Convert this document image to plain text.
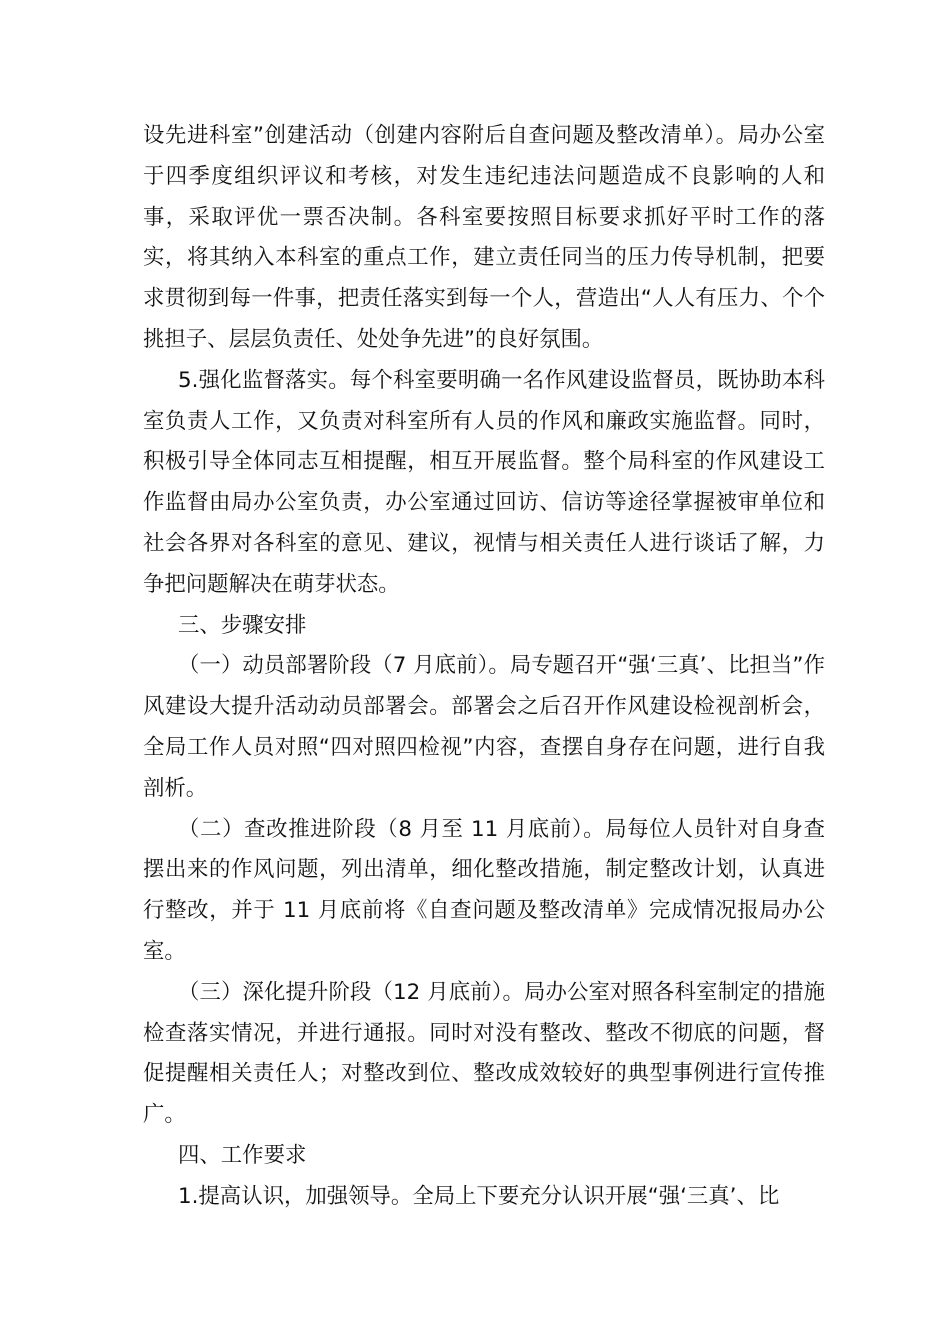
设先进科室”创建活动（创建内容附后自查问题及整改清单）。局办公室于四季度组织评议和考核，对发生违纪违法问题造成不良影响的人和事，采取评优一票否决制。各科室要按照目标要求抓好平时工作的落实，将其纳入本科室的重点工作，建立责任同当的压力传导机制，把要求贯彻到每一件事，把责任落实到每一个人，营造出“人人有压力、个个挑担子、层层负责任、处处争先进”的良好氛围。

5.强化监督落实。每个科室要明确一名作风建设监督员，既协助本科室负责人工作，又负责对科室所有人员的作风和廉政实施监督。同时，积极引导全体同志互相提醒，相互开展监督。整个局科室的作风建设工作监督由局办公室负责，办公室通过回访、信访等途径掌握被审单位和社会各界对各科室的意见、建议，视情与相关责任人进行谈话了解，力争把问题解决在萌芽状态。

三、步骤安排

（一）动员部署阶段（7 月底前）。局专题召开“强‘三真’、比担当”作风建设大提升活动动员部署会。部署会之后召开作风建设检视剖析会，全局工作人员对照“四对照四检视”内容，查摆自身存在问题，进行自我剖析。

（二）查改推进阶段（8 月至 11 月底前）。局每位人员针对自身查摆出来的作风问题，列出清单，细化整改措施，制定整改计划，认真进行整改，并于 11 月底前将《自查问题及整改清单》完成情况报局办公室。

（三）深化提升阶段（12 月底前）。局办公室对照各科室制定的措施检查落实情况，并进行通报。同时对没有整改、整改不彻底的问题，督促提醒相关责任人；对整改到位、整改成效较好的典型事例进行宣传推广。

四、工作要求

1.提高认识，加强领导。全局上下要充分认识开展“强‘三真’、比
